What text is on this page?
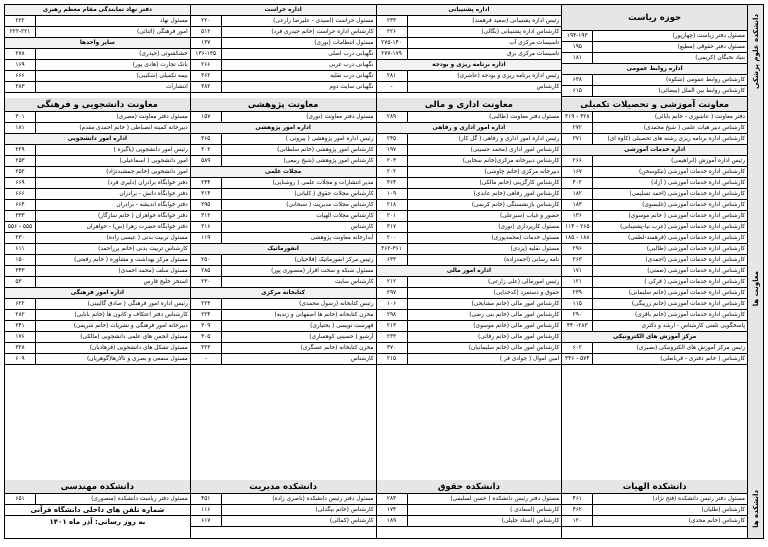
دانشکده علوم پزشکی
معاونت ها
دانشکده ها
حوزه ریاست
مسئول دفتر ریاست (چهارپور)
۱۹۴-۱۹۳
مسئول دفتر حقوقی (مطیع)
۱۹۵
بنیاد نخبگان (کریمی)
۱۸۱
اداره روابط عمومی
کارشناس روابط عمومی (شکوه)
۶۳۸
کارشناس روابط بین الملل (بیضائی)
۶۱۵
اداره پشتیبانی
رئیس اداره پشتیبانی (سعید فرهمند)
۲۳۳
کارشناس اداره پشتیبانی (بگالی)
۲۲۶
تاسیسات مرکزی آب
۲۷۵-۱۴۰
تاسیسات مرکزی برق
۲۷۷-۱۷۹
اداره برنامه ریزی و بودجه
رئیس اداره برنامه ریزی و بودجه (عاشری)
۲۸۱
کارشناس
-
اداره حراست
مسئول حراست (اسیدی - علیرضا زارعی)
۲۲۰
کارشناس اداره حراست (خانم حیدری فرد)
۵۱۲
مسئول انتظامات (نوری)
۱۳۷
نگهبانی درب اصلی
۱۳۶-۱۳۵
نگهبانی درب غربی
۲۶۶
نگهبانی درب نقلیه
۳۶۲
نگهبانی سایت دوم
۳۸۲
دفتر نهاد نمایندگی مقام معظم رهبری
مسئول نهاد
۲۲۲
امور فرهنگی (اثنائی)
۲۲۲-۲۲۱
سایر واحدها
خشکشوئی (حیدری)
۲۷۸
بانک تجارت (هادی پور)
۱۶۹
بیمه تکمیلی (شکیبی)
۶۶۶
انتشارات
۳۸۳
معاونت آموزشی و تحصیلات تکمیلی
دفتر معاونت ( عاشوری - خانم بابائی)
۳۱۹ - ۳۲۸
کارشناس دبیر هیات علمی ( شیخ محمدی)
۲۷۲
کارشناس اداره برنامه ریزی رشته های تحصیلی (کاوه ای)
۳۷۱
اداره خدمات آموزشی
رئیس اداره آموزش (ابراهیمی)
۲۶۶
کارشناس اداره خدمات آموزشی (نیکوسخن)
۱۶۷
کارشناس اداره خدمات آموزشی ( آزاد)
۴۰۲
کارشناس اداره خدمات آموزشی (احمد تسلیمی)
۱۸۲
کارشناس اداره خدمات آموزشی (غلیسوی)
۱۸۳
کارشناس اداره خدمات آموزشی ( خانم موسوی)
۱۳۶
کارشناس اداره خدمات آموزشی (عرب نیا-پشتیبانی)
۱۱۴ - ۲۶۵
کارشناس اداره خدمات آموزشی (فرهمند-لطفی)
۱۸۵ - ۱۸۸
کارشناس اداره خدمات آموزشی (طالبی)
۲۹۶
کارشناس اداره خدمات آموزشی (احمدی)
۲۶۳
کارشناس اداره خدمات آموزشی (نعمتی)
۱۷۱
کارشناس اداره خدمات آموزشی ( قرکی )
۱۲۱
کارشناس اداره خدمات آموزشی (خانم سلیمانی)
۲۳۹
کارشناس اداره خدمات آموزشی (خانم زربیگی)
۱۱۵
کارشناس اداره خدمات آموزشی (خانم باقری)
۲۹۰
پاسخگویی تلفنی کارشناس - ارشد و دکتری
۴۴۰-۲۸۳
مرکز آموزش های الکترونیکی
رئیس مرکز آموزش های الکترونیکی (نصیری)
۶۰۲
کارشناس ( خانم دفتری - قربانعلی)
۳۴۶ - ۵۷۴
معاونت اداری و مالی
مسئول دفتر معاونت (طالبی)
۲۸۹
اداره امور اداری و رفاهی
رئیس اداره امور اداری و رفاهی ( گل کار)
۲۴۵
کارشناس امور اداری (محمد حسینی)
۱۹۷
کارشناس دبیرخانه مرکزی(خانم سخایی)
۲۰۳
دبیرخانه مرکزی (خانم چاوشی)
۲۰۲
کارشناس کارگزینی (خانم مالکی)
۳۶۴
کارشناس امور رفاهی (خانم عابدی)
۱۰۹
کارشناس بازنشستگی (خانم کریمی)
۲۱۸
حضور و غیاب (سبزعلی)
۲۰۱
مسئول کارپردازی (نوری)
۳۱۷
مسئول خدمات (محمدپوری)
۲۰۰
مسئول نقلیه (پزدی)
۳۶۲-۳۶۱
نامه رسانی (احمدزاده)
۶۳۳
اداره امور مالی
رئیس امورمالی (علی زارعی)
۲۱۲
حقوق و دستمزد (کدخدایی)
۲۹۷
کارشناس امور مالی (خانم مشایخی)
۱۰۶
کارشناس امور مالی (خانم بنی رضی)
۲۹۸
کارشناس امور مالی (خانم موسوی)
۲۱۳
کارشناس امور مالی (خانم رفائی)
۲۳۳
کارشناس امور مالی (خانم سلیمانیان)
۳۷۰
امین اموال ( جوادی فر )
۲۱۵
معاونت پژوهشی
مسئول دفتر معاونت (نوری)
۱۵۷
اداره امور پژوهشی
رئیس اداره امور پژوهشی ( پیرونی )
۳۶۵
کارشناس امور پژوهشی (خانم سلطانی)
۳۰۲
کارشناس امور پژوهشی (شیخ ربیعی)
۵۸۹
مجلات علمی
مدیر انتشارات و مجلات علمی ( روشنایی)
۲۴۴
کارشناس مجلات حقوق ( کلیانی)
۳۱۴
کارشناس مجلات مدیریت ( سبحانی)
۲۹۵
کارشناس مجلات الهیات
۳۱۲
کارشناس
۳۱۶
آبدارخانه معاونت پژوهشی
۱۱۹
انفورماتیک
رئیس مرکز انفورماتیک (فلاحیان)
۲۵۰
مسئول شبکه و سخت افزار (منصوری پور)
۲۸۵
کارشناس سایت
۲۳۰
کتابخانه مرکزی
رئیس کتابخانه (رسول محمدی)
۲۲۳
مخزن کتابخانه (خانم ها اصفهانی و زندیه)
۲۲۴
فهرست نویسی ( بختیاری)
۳۰۹
آرشیو ( حسینی کوهساری)
۳۰۵
مخزن کتابخانه (خانم عسگری)
۳۲۳
کارشناس
-
معاونت دانشجویی و فرهنگی
مسئول دفتر معاونت (مصری)
۳۰۱
دبیرخانه کمیته انضباطی ( خانم احمدی مقدم)
۱۸۱
اداره امور دانشجویی
رئیس امور دانشجویی (یاگیزه )
۲۲۹
امور دانشجویی ( اسماعیلی)
۲۵۳
امور دانشجویی (خانم جمشیدنژاد)
۲۵۲
دفتر خوابگاه برادران (دلیری فرد)
۶۶۹
دفتر خوابگاه دانش - برادران
۶۶۶
دفتر خوابگاه اندیشه - برادران
۶۶۴
دفتر خوابگاه خواهران ( خانم سازگار)
۳۳۳
دفتر خوابگاه حضرت زهرا (س) - خواهران
۵۵۶ - ۵۵۵
مسئول تربیت بدنی ( عیسی زاده)
۲۳۰
کارشناس تربیت بدنی (خانم پرراحمد)
۶۱۱
مسئول مرکز بهداشت و مشاوره ( خانم رفعتی)
۱۵۰
مسئول سلف (محمد احمدی)
۳۴۳
استخر خلیج فارس
۵۳۰
اداره امور فرهنگی
رئیس اداره امور فرهنگی ( صادق گالیینی)
۶۲۲
کارشناس دفتر اعتکاف و کانون ها (خانم بابایی)
۲۸۲
دبیرخانه امور فرهنگی و نشریات (خانم شریفی)
۳۴۱
مسئول انجمن های علمی دانشجویی (مالکی)
۱۷۶
مسئول تشکل های دانشجویی (فرهادیان)
۳۲۸
مسئول سمعی و بصری و تالارها(گوهریان)
۶۰۹
دانشکده الهیات
مسئول دفتر رئیس دانشکده (فتح نژاد)
۴۶۱
کارشناس (طلیان)
۴۶۲
کارشناس (خانم مجدی)
۱۲۰
دانشکده حقوق
مسئول دفتر رئیس دانشکده ( حسن لسلیمی)
۲۸۴
کارشناس (اسعادی )
۱۷۴
کارشناس (استاد جلیلی)
۱۸۹
دانشکده مدیریت
مسئول دفتر رئیس دانشکده (ناصری زاده)
۴۵۱
کارشناس (خانم بیگدلی)
۱۱۶
کارشناس (کمالی)
۶۱۷
دانشکده مهندسی
مسئول دفتر ریاست دانشکده (منصوری)
۶۵۱
شماره تلفن های داخلی دانشگاه قرآنی
به روز رسانی: آذر ماه ۱۴۰۱
